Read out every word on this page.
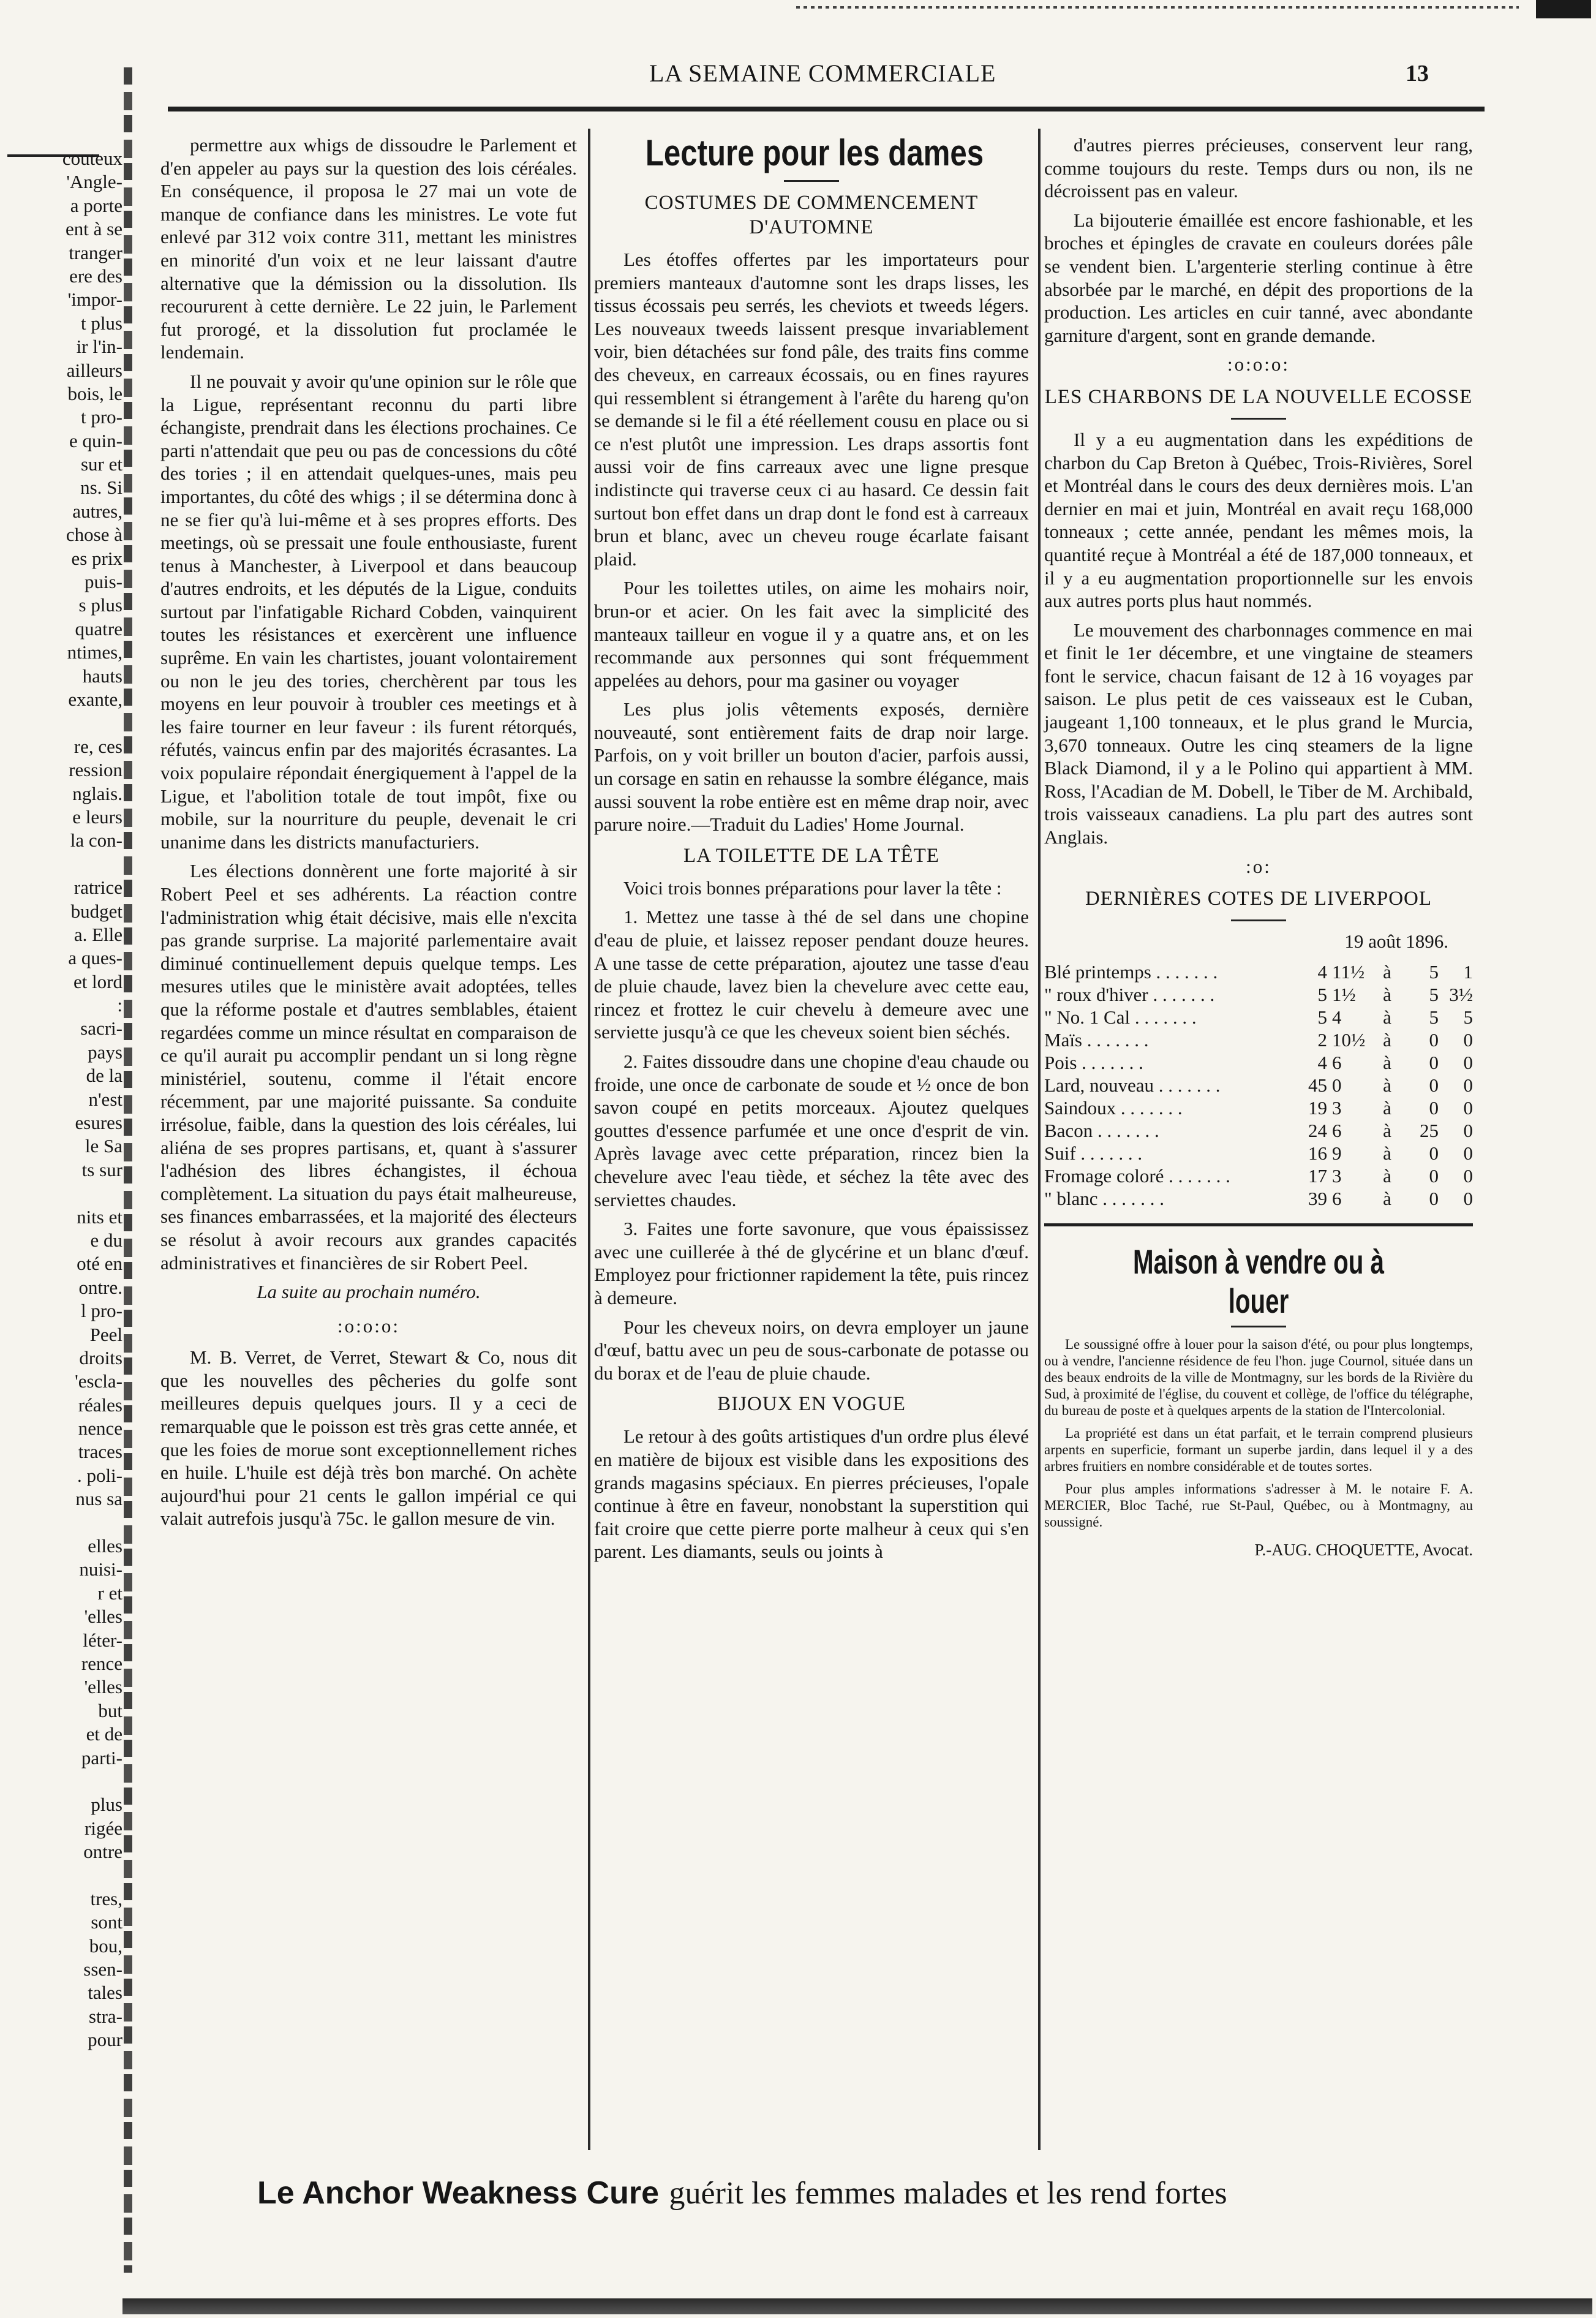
LA SEMAINE COMMERCIALE	13
couteux
'Angle-
a porte
ent à se
tranger
ere des
'impor-
t plus
ir l'in-
ailleurs
bois, le
t pro-
e quin-
sur et
ns. Si
autres,
chose à
es prix
puis-
s plus
quatre
ntimes,
hauts
exante,
re, ces
ression
nglais.
e leurs
la con-
ratrice
budget
a. Elle
a ques-
et lord
:
sacri-
pays
de la
n'est
esures
le Sa
ts sur
nits et
e du
oté en
ontre.
l pro-
Peel
droits
'escla-
réales
nence
traces
. poli-
nus sa
elles
nuisi-
r et
'elles
léter-
rence
'elles
but
et de
parti-
plus
rigée
ontre
tres,
sont
bou,
ssen-
tales
stra-
pour

permettre aux whigs de dissoudre le Parlement et d'en appeler au pays sur la question des lois céréales. En conséquence, il proposa le 27 mai un vote de manque de confiance dans les ministres. Le vote fut enlevé par 312 voix contre 311, mettant les ministres en minorité d'un voix et ne leur laissant d'autre alternative que la démission ou la dissolution. Ils recoururent à cette dernière. Le 22 juin, le Parlement fut prorogé, et la dissolution fut proclamée le lendemain.

Il ne pouvait y avoir qu'une opinion sur le rôle que la Ligue, représentant reconnu du parti libre échangiste, prendrait dans les élections prochaines. Ce parti n'attendait que peu ou pas de concessions du côté des tories ; il en attendait quelques-unes, mais peu importantes, du côté des whigs ; il se détermina donc à ne se fier qu'à lui-même et à ses propres efforts. Des meetings, où se pressait une foule enthousiaste, furent tenus à Manchester, à Liverpool et dans beaucoup d'autres endroits, et les députés de la Ligue, conduits surtout par l'infatigable Richard Cobden, vainquirent toutes les résistances et exercèrent une influence suprême. En vain les chartistes, jouant volontairement ou non le jeu des tories, cherchèrent par tous les moyens en leur pouvoir à troubler ces meetings et à les faire tourner en leur faveur : ils furent rétorqués, réfutés, vaincus enfin par des majorités écrasantes. La voix populaire répondait énergiquement à l'appel de la Ligue, et l'abolition totale de tout impôt, fixe ou mobile, sur la nourriture du peuple, devenait le cri unanime dans les districts manufacturiers.

Les élections donnèrent une forte majorité à sir Robert Peel et ses adhérents. La réaction contre l'administration whig était décisive, mais elle n'excita pas grande surprise. La majorité parlementaire avait diminué continuellement depuis quelque temps. Les mesures utiles que le ministère avait adoptées, telles que la réforme postale et d'autres semblables, étaient regardées comme un mince résultat en comparaison de ce qu'il aurait pu accomplir pendant un si long règne ministériel, soutenu, comme il l'était encore récemment, par une majorité puissante. Sa conduite irrésolue, faible, dans la question des lois céréales, lui aliéna de ses propres partisans, et, quant à s'assurer l'adhésion des libres échangistes, il échoua complètement. La situation du pays était malheureuse, ses finances embarrassées, et la majorité des électeurs se résolut à avoir recours aux grandes capacités administratives et financières de sir Robert Peel.

La suite au prochain numéro.
:o:o:o:

M. B. Verret, de Verret, Stewart & Co, nous dit que les nouvelles des pêcheries du golfe sont meilleures depuis quelques jours. Il y a ceci de remarquable que le poisson est très gras cette année, et que les foies de morue sont exceptionnellement riches en huile. L'huile est déjà très bon marché. On achète aujourd'hui pour 21 cents le gallon impérial ce qui valait autrefois jusqu'à 75c. le gallon mesure de vin.

Lecture pour les dames
COSTUMES DE COMMENCEMENT D'AUTOMNE

Les étoffes offertes par les importateurs pour premiers manteaux d'automne sont les draps lisses, les tissus écossais peu serrés, les cheviots et tweeds légers. Les nouveaux tweeds laissent presque invariablement voir, bien détachées sur fond pâle, des traits fins comme des cheveux, en carreaux écossais, ou en fines rayures qui ressemblent si étrangement à l'arête du hareng qu'on se demande si le fil a été réellement cousu en place ou si ce n'est plutôt une impression. Les draps assortis font aussi voir de fins carreaux avec une ligne presque indistincte qui traverse ceux ci au hasard. Ce dessin fait surtout bon effet dans un drap dont le fond est à carreaux brun et blanc, avec un cheveu rouge écarlate faisant plaid.

Pour les toilettes utiles, on aime les mohairs noir, brun-or et acier. On les fait avec la simplicité des manteaux tailleur en vogue il y a quatre ans, et on les recommande aux personnes qui sont fréquemment appelées au dehors, pour ma gasiner ou voyager

Les plus jolis vêtements exposés, dernière nouveauté, sont entièrement faits de drap noir large. Parfois, on y voit briller un bouton d'acier, parfois aussi, un corsage en satin en rehausse la sombre élégance, mais aussi souvent la robe entière est en même drap noir, avec parure noire.—Traduit du Ladies' Home Journal.

LA TOILETTE DE LA TÊTE

Voici trois bonnes préparations pour laver la tête :

1. Mettez une tasse à thé de sel dans une chopine d'eau de pluie, et laissez reposer pendant douze heures. A une tasse de cette préparation, ajoutez une tasse d'eau de pluie chaude, lavez bien la chevelure avec cette eau, rincez et frottez le cuir chevelu à demeure avec une serviette jusqu'à ce que les cheveux soient bien séchés.

2. Faites dissoudre dans une chopine d'eau chaude ou froide, une once de carbonate de soude et ½ once de bon savon coupé en petits morceaux. Ajoutez quelques gouttes d'essence parfumée et une once d'esprit de vin. Après lavage avec cette préparation, rincez bien la chevelure avec l'eau tiède, et séchez la tête avec des serviettes chaudes.

3. Faites une forte savonure, que vous épaississez avec une cuillerée à thé de glycérine et un blanc d'œuf. Employez pour frictionner rapidement la tête, puis rincez à demeure.

Pour les cheveux noirs, on devra employer un jaune d'œuf, battu avec un peu de sous-carbonate de potasse ou du borax et de l'eau de pluie chaude.

BIJOUX EN VOGUE

Le retour à des goûts artistiques d'un ordre plus élevé en matière de bijoux est visible dans les expositions des grands magasins spéciaux. En pierres précieuses, l'opale continue à être en faveur, nonobstant la superstition qui fait croire que cette pierre porte malheur à ceux qui s'en parent. Les diamants, seuls ou joints à

d'autres pierres précieuses, conservent leur rang, comme toujours du reste. Temps durs ou non, ils ne décroissent pas en valeur.

La bijouterie émaillée est encore fashionable, et les broches et épingles de cravate en couleurs dorées pâle se vendent bien. L'argenterie sterling continue à être absorbée par le marché, en dépit des proportions de la production. Les articles en cuir tanné, avec abondante garniture d'argent, sont en grande demande.

:o:o:o:
LES CHARBONS DE LA NOUVELLE ECOSSE

Il y a eu augmentation dans les expéditions de charbon du Cap Breton à Québec, Trois-Rivières, Sorel et Montréal dans le cours des deux dernières mois. L'an dernier en mai et juin, Montréal en avait reçu 168,000 tonneaux ; cette année, pendant les mêmes mois, la quantité reçue à Montréal a été de 187,000 tonneaux, et il y a eu augmentation proportionnelle sur les envois aux autres ports plus haut nommés.

Le mouvement des charbonnages commence en mai et finit le 1er décembre, et une vingtaine de steamers font le service, chacun faisant de 12 à 16 voyages par saison. Le plus petit de ces vaisseaux est le Cuban, jaugeant 1,100 tonneaux, et le plus grand le Murcia, 3,670 tonneaux. Outre les cinq steamers de la ligne Black Diamond, il y a le Polino qui appartient à MM. Ross, l'Acadian de M. Dobell, le Tiber de M. Archibald, trois vaisseaux canadiens. La plu part des autres sont Anglais.

:o:
DERNIÈRES COTES DE LIVERPOOL
19 août 1896.
Blé printemps . . . . . . .	4	11½	à	5	1
" roux d'hiver . . . . . . .	5	1½	à	5	3½
" No. 1 Cal . . . . . . .	5	4	à	5	5
Maïs . . . . . . .	2	10½	à	0	0
Pois . . . . . . .	4	6	à	0	0
Lard, nouveau . . . . . . .	45	0	à	0	0
Saindoux . . . . . . .	19	3	à	0	0
Bacon . . . . . . .	24	6	à	25	0
Suif . . . . . . .	16	9	à	0	0
Fromage coloré . . . . . . .	17	3	à	0	0
" blanc . . . . . . .	39	6	à	0	0
Maison à vendre ou à louer

Le soussigné offre à louer pour la saison d'été, ou pour plus longtemps, ou à vendre, l'ancienne résidence de feu l'hon. juge Cournol, située dans un des beaux endroits de la ville de Montmagny, sur les bords de la Rivière du Sud, à proximité de l'église, du couvent et collège, de l'office du télégraphe, du bureau de poste et à quelques arpents de la station de l'Intercolonial.

La propriété est dans un état parfait, et le terrain comprend plusieurs arpents en superficie, formant un superbe jardin, dans lequel il y a des arbres fruitiers en nombre considérable et de toutes sortes.

Pour plus amples informations s'adresser à M. le notaire F. A. MERCIER, Bloc Taché, rue St-Paul, Québec, ou à Montmagny, au soussigné.

P.-AUG. CHOQUETTE, Avocat.
Le Anchor Weakness Cure guérit les femmes malades et les rend fortes
